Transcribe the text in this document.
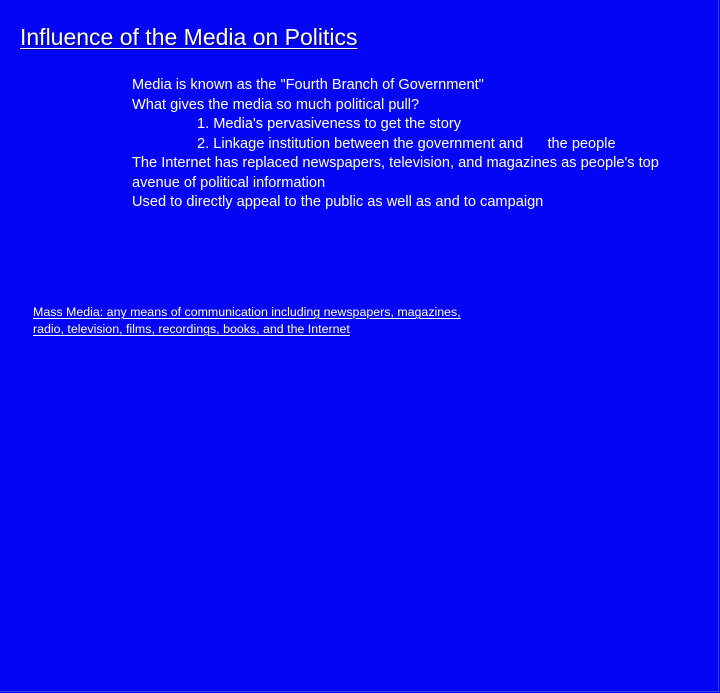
Influence of the Media on Politics
Media is known as the "Fourth Branch of Government"
What gives the media so much political pull?
1. Media's pervasiveness to get the story
2. Linkage institution between the government and      the people
The Internet has replaced newspapers, television, and magazines as people's top avenue of political information
Used to directly appeal to the public as well as and to campaign
Mass Media: any means of communication including newspapers, magazines,
radio, television, films, recordings, books, and the Internet
